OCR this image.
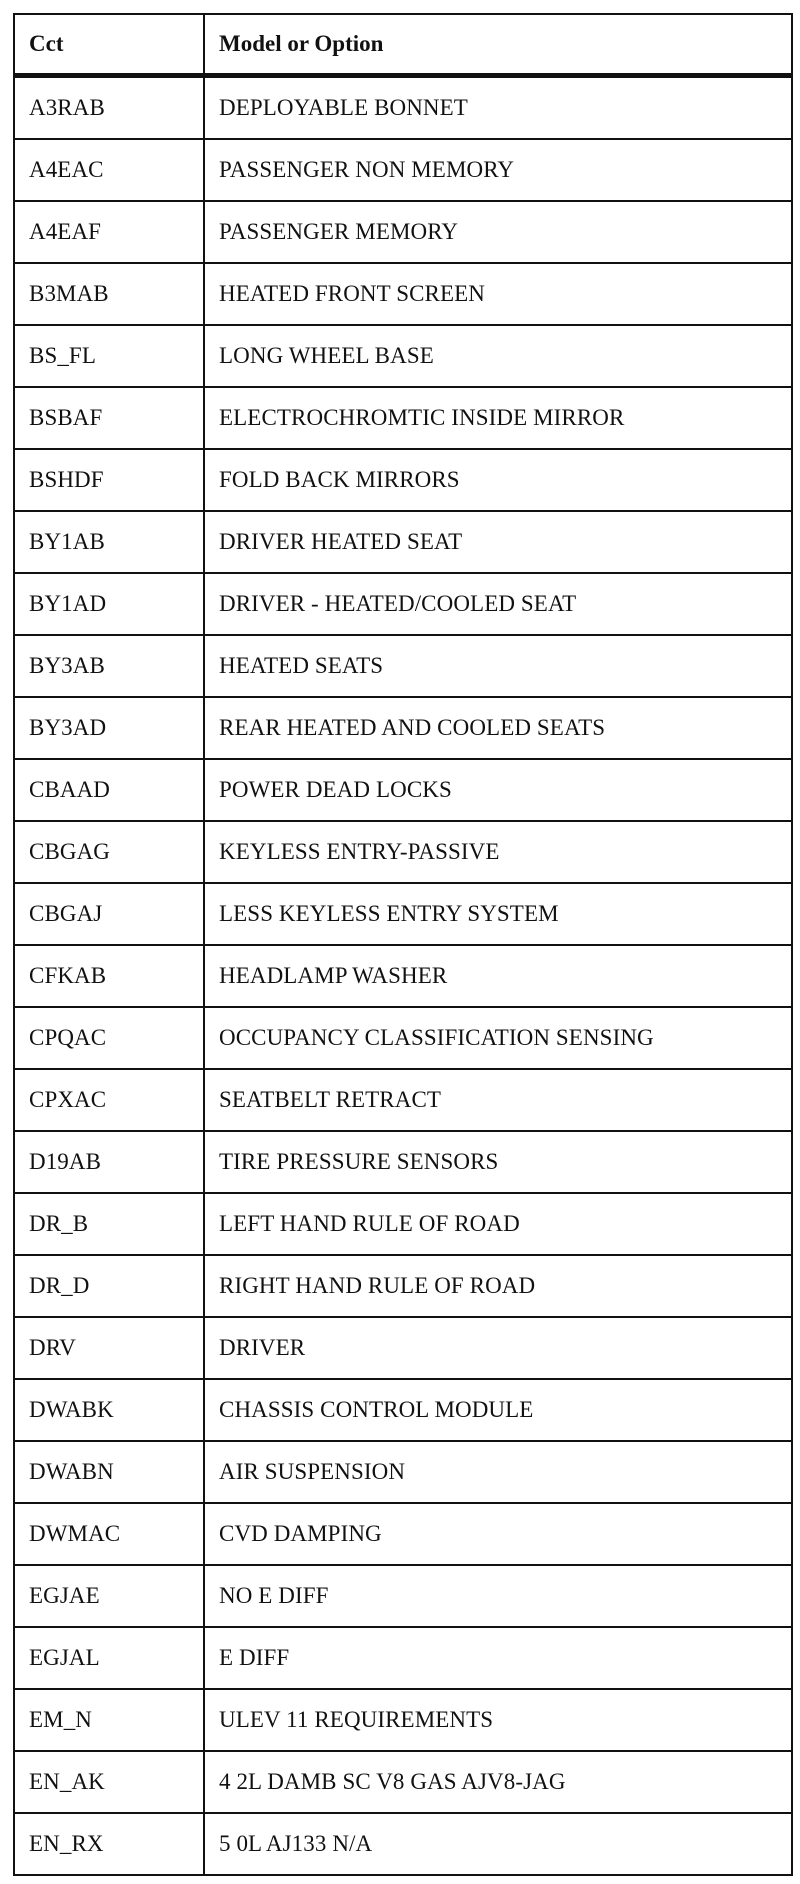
Cct	Model or Option
A3RAB	DEPLOYABLE BONNET
A4EAC	PASSENGER NON MEMORY
A4EAF	PASSENGER MEMORY
B3MAB	HEATED FRONT SCREEN
BS_FL	LONG WHEEL BASE
BSBAF	ELECTROCHROMTIC INSIDE MIRROR
BSHDF	FOLD BACK MIRRORS
BY1AB	DRIVER HEATED SEAT
BY1AD	DRIVER - HEATED/COOLED SEAT
BY3AB	HEATED SEATS
BY3AD	REAR HEATED AND COOLED SEATS
CBAAD	POWER DEAD LOCKS
CBGAG	KEYLESS ENTRY-PASSIVE
CBGAJ	LESS KEYLESS ENTRY SYSTEM
CFKAB	HEADLAMP WASHER
CPQAC	OCCUPANCY CLASSIFICATION SENSING
CPXAC	SEATBELT RETRACT
D19AB	TIRE PRESSURE SENSORS
DR_B	LEFT HAND RULE OF ROAD
DR_D	RIGHT HAND RULE OF ROAD
DRV	DRIVER
DWABK	CHASSIS CONTROL MODULE
DWABN	AIR SUSPENSION
DWMAC	CVD DAMPING
EGJAE	NO E DIFF
EGJAL	E DIFF
EM_N	ULEV 11 REQUIREMENTS
EN_AK	4 2L DAMB SC V8 GAS AJV8-JAG
EN_RX	5 0L AJ133 N/A
